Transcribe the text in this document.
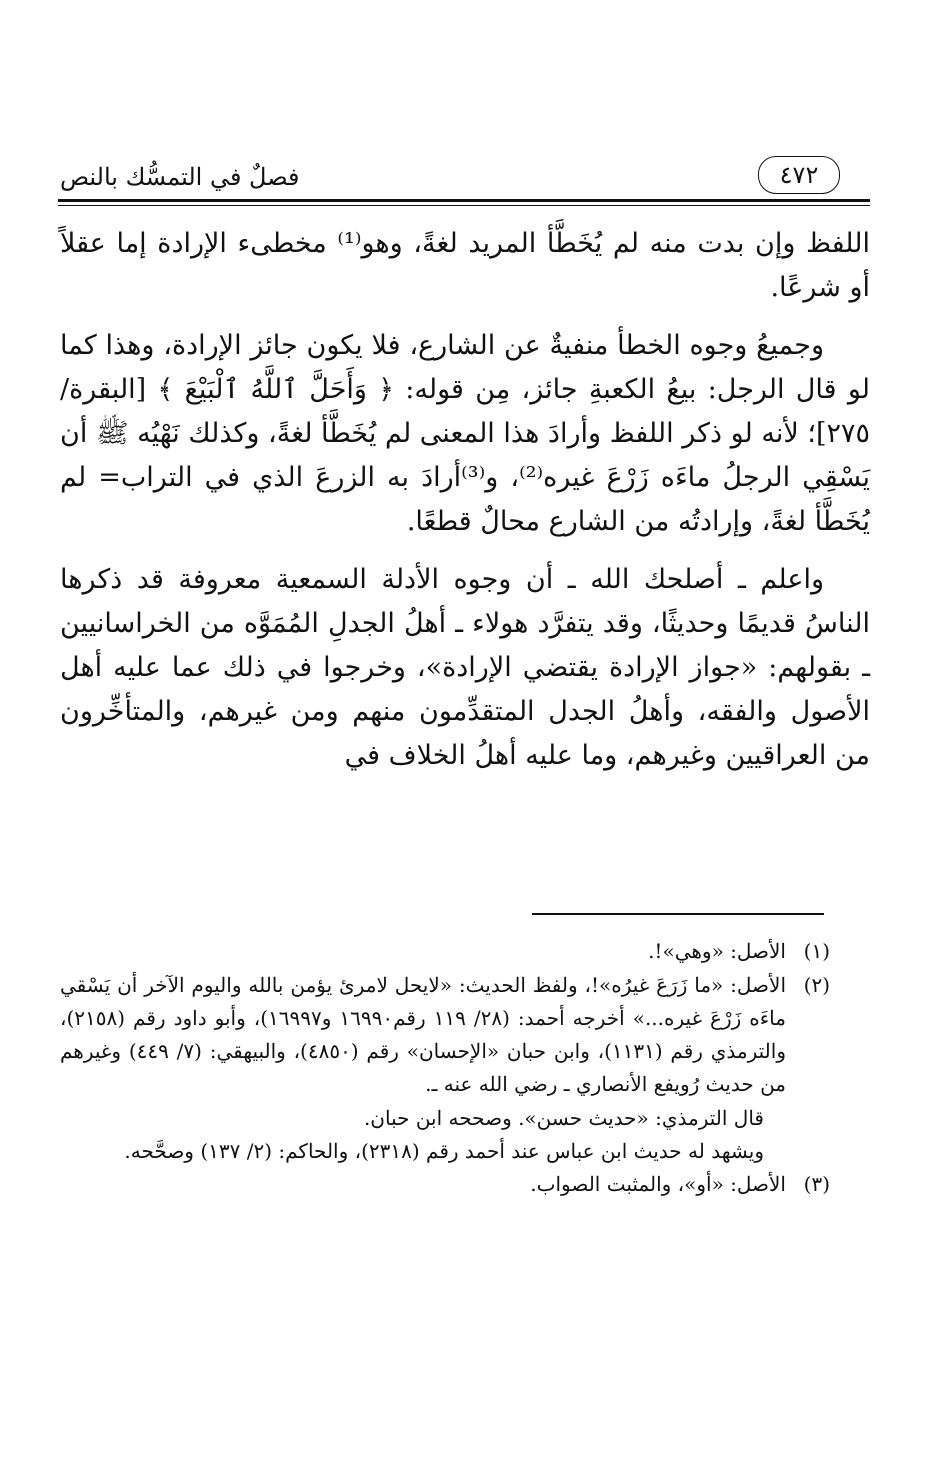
فصلٌ في التمسُّك بالنص	٤٧٢

اللفظ وإن بدت منه لم يُخَطَّأ المريد لغةً، وهو⁽¹⁾ مخطىء الإرادة إما عقلاً أو شرعًا.

وجميعُ وجوه الخطأ منفيةٌ عن الشارع، فلا يكون جائز الإرادة، وهذا كما لو قال الرجل: بيعُ الكعبةِ جائز، مِن قوله: ﴿ وَأَحَلَّ ٱللَّهُ ٱلْبَيْعَ ﴾ [البقرة/ ٢٧٥]؛ لأنه لو ذكر اللفظ وأرادَ هذا المعنى لم يُخَطَّأ لغةً، وكذلك نَهْيُه ﷺ أن يَسْقِي الرجلُ ماءَه زَرْعَ غيره⁽²⁾، و⁽³⁾أرادَ به الزرعَ الذي في التراب= لم يُخَطَّأ لغةً، وإرادتُه من الشارع محالٌ قطعًا.

واعلم ـ أصلحك الله ـ أن وجوه الأدلة السمعية معروفة قد ذكرها الناسُ قديمًا وحديثًا، وقد يتفرَّد هولاء ـ أهلُ الجدلِ المُمَوَّه من الخراسانيين ـ بقولهم: «جواز الإرادة يقتضي الإرادة»، وخرجوا في ذلك عما عليه أهل الأصول والفقه، وأهلُ الجدل المتقدِّمون منهم ومن غيرهم، والمتأخِّرون من العراقيين وغيرهم، وما عليه أهلُ الخلاف في

(١)
الأصل: «وهي»!.
(٢)
الأصل: «ما زَرَعَ غيرُه»!، ولفظ الحديث: «لايحل لامرئ يؤمن بالله واليوم الآخر أن يَسْقي ماءَه زَرْعَ غيره...» أخرجه أحمد: (٢٨/ ١١٩ رقم١٦٩٩٠ و١٦٩٩٧)، وأبو داود رقم (٢١٥٨)، والترمذي رقم (١١٣١)، وابن حبان «الإحسان» رقم (٤٨٥٠)، والبيهقي: (٧/ ٤٤٩) وغيرهم من حديث رُويفع الأنصاري ـ رضي الله عنه ـ.
قال الترمذي: «حديث حسن». وصححه ابن حبان.
ويشهد له حديث ابن عباس عند أحمد رقم (٢٣١٨)، والحاكم: (٢/ ١٣٧) وصحَّحه.
(٣)
الأصل: «أو»، والمثبت الصواب.
